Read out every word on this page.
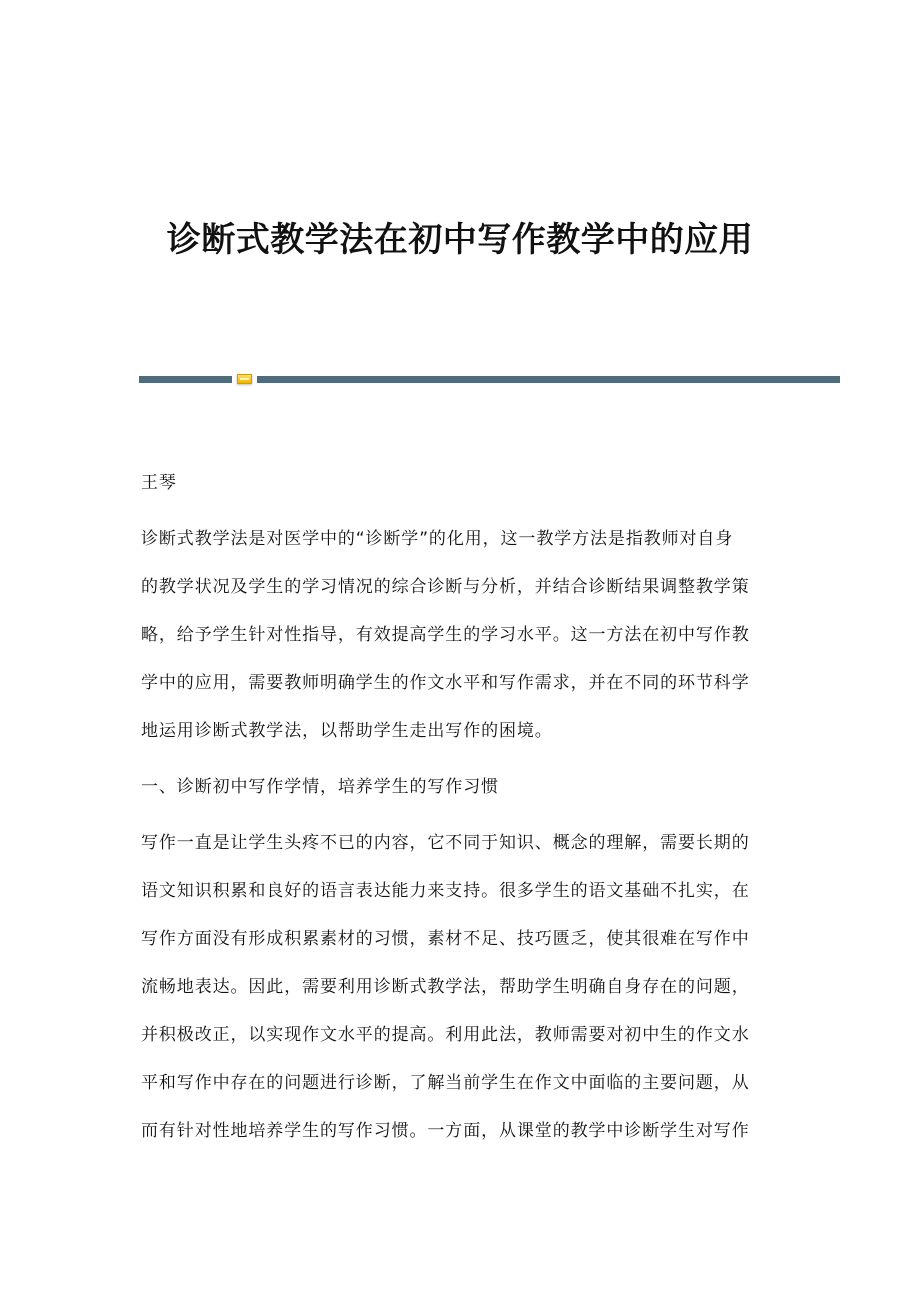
诊断式教学法在初中写作教学中的应用
王琴
诊断式教学法是对医学中的“诊断学”的化用，这一教学方法是指教师对自身
的教学状况及学生的学习情况的综合诊断与分析，并结合诊断结果调整教学策
略，给予学生针对性指导，有效提高学生的学习水平。这一方法在初中写作教
学中的应用，需要教师明确学生的作文水平和写作需求，并在不同的环节科学
地运用诊断式教学法，以帮助学生走出写作的困境。
一、诊断初中写作学情，培养学生的写作习惯
写作一直是让学生头疼不已的内容，它不同于知识、概念的理解，需要长期的
语文知识积累和良好的语言表达能力来支持。很多学生的语文基础不扎实，在
写作方面没有形成积累素材的习惯，素材不足、技巧匮乏，使其很难在写作中
流畅地表达。因此，需要利用诊断式教学法，帮助学生明确自身存在的问题，
并积极改正，以实现作文水平的提高。利用此法，教师需要对初中生的作文水
平和写作中存在的问题进行诊断，了解当前学生在作文中面临的主要问题，从
而有针对性地培养学生的写作习惯。一方面，从课堂的教学中诊断学生对写作
